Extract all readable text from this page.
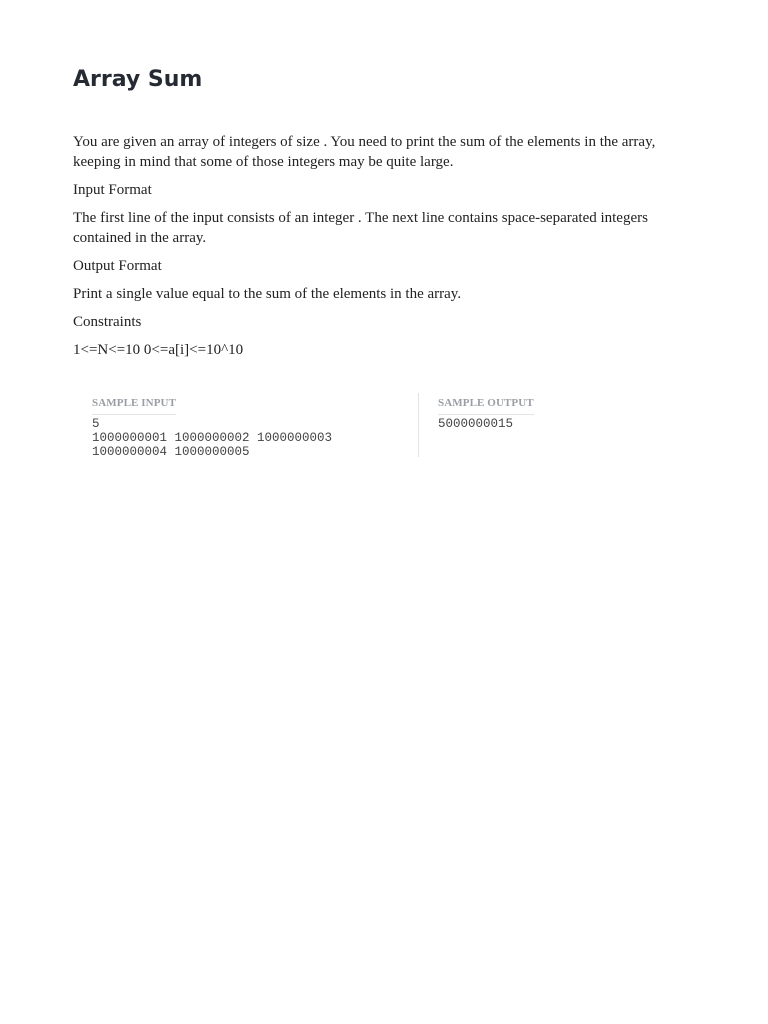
Array Sum

You are given an array of integers of size . You need to print the sum of the elements in the array, keeping in mind that some of those integers may be quite large.

Input Format

The first line of the input consists of an integer . The next line contains space-separated integers contained in the array.

Output Format

Print a single value equal to the sum of the elements in the array.

Constraints

1<=N<=10 0<=a[i]<=10^10

SAMPLE INPUT
5
1000000001 1000000002 1000000003
1000000004 1000000005
SAMPLE OUTPUT
5000000015
